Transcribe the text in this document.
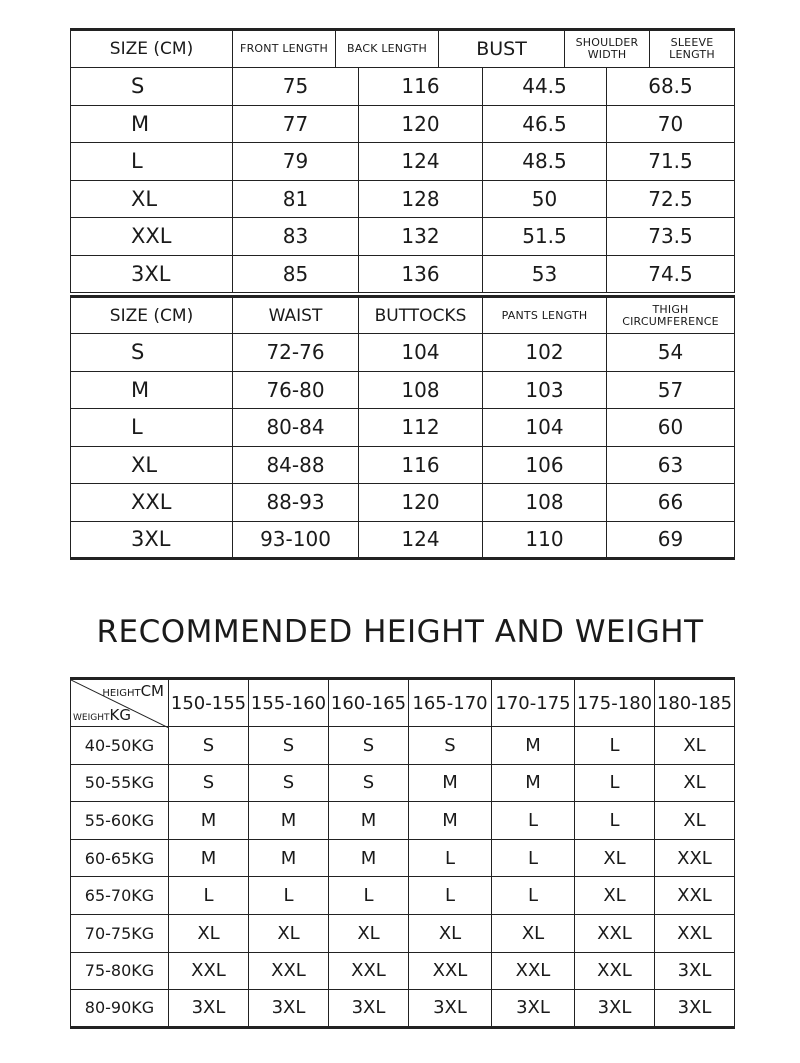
SIZE (CM)	FRONT LENGTH	BACK LENGTH	BUST	SHOULDER WIDTH	SLEEVE LENGTH
S	75	116	44.5	68.5
M	77	120	46.5	70
L	79	124	48.5	71.5
XL	81	128	50	72.5
XXL	83	132	51.5	73.5
3XL	85	136	53	74.5
SIZE (CM)	WAIST	BUTTOCKS	PANTS LENGTH	THIGH CIRCUMFERENCE
S	72-76	104	102	54
M	76-80	108	103	57
L	80-84	112	104	60
XL	84-88	116	106	63
XXL	88-93	120	108	66
3XL	93-100	124	110	69
RECOMMENDED HEIGHT AND WEIGHT
HEIGHTCM
WEIGHTKG	150-155	155-160	160-165	165-170	170-175	175-180	180-185
40-50KG	S	S	S	S	M	L	XL
50-55KG	S	S	S	M	M	L	XL
55-60KG	M	M	M	M	L	L	XL
60-65KG	M	M	M	L	L	XL	XXL
65-70KG	L	L	L	L	L	XL	XXL
70-75KG	XL	XL	XL	XL	XL	XXL	XXL
75-80KG	XXL	XXL	XXL	XXL	XXL	XXL	3XL
80-90KG	3XL	3XL	3XL	3XL	3XL	3XL	3XL
